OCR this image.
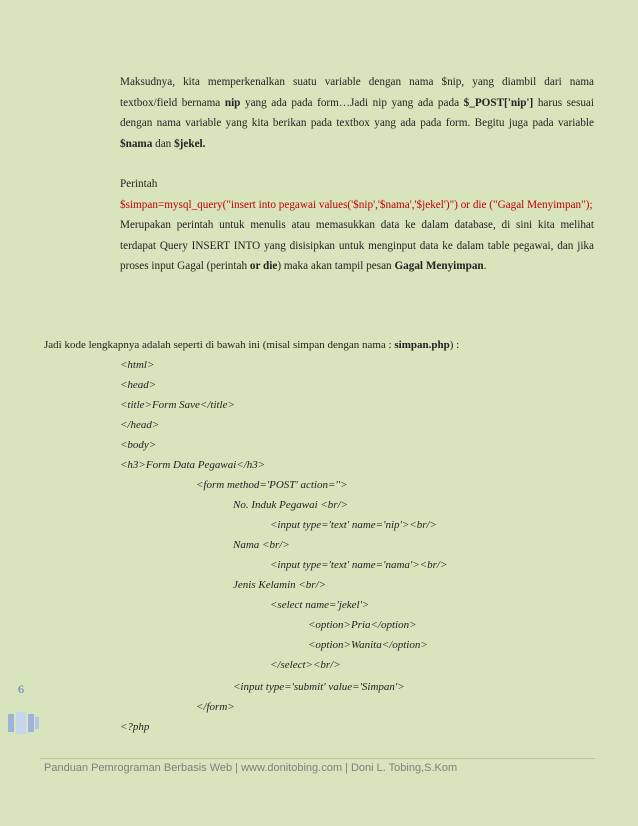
Maksudnya, kita memperkenalkan suatu variable dengan nama $nip, yang diambil dari nama textbox/field bernama nip yang ada pada form…Jadi nip yang ada pada $_POST['nip'] harus sesuai dengan nama variable yang kita berikan pada textbox yang ada pada form. Begitu juga pada variable $nama dan $jekel.
Perintah
$simpan=mysql_query("insert into pegawai values('$nip','$nama','$jekel')") or die ("Gagal Menyimpan");
Merupakan perintah untuk menulis atau memasukkan data ke dalam database, di sini kita melihat terdapat Query INSERT INTO yang disisipkan untuk menginput data ke dalam table pegawai, dan jika proses input Gagal (perintah or die) maka akan tampil pesan Gagal Menyimpan.
Jadi kode lengkapnya adalah seperti di bawah ini (misal simpan dengan nama : simpan.php) :
<html>
<head>
<title>Form Save</title>
</head>
<body>
<h3>Form Data Pegawai</h3>
<form method='POST' action=''>
No. Induk Pegawai <br/>
<input type='text' name='nip'><br/>
Nama <br/>
<input type='text' name='nama'><br/>
Jenis Kelamin <br/>
<select name='jekel'>
<option>Pria</option>
<option>Wanita</option>
</select><br/>
<input type='submit' value='Simpan'>
</form>
<?php
6
Panduan Pemrograman Berbasis Web | www.donitobing.com | Doni L. Tobing,S.Kom
